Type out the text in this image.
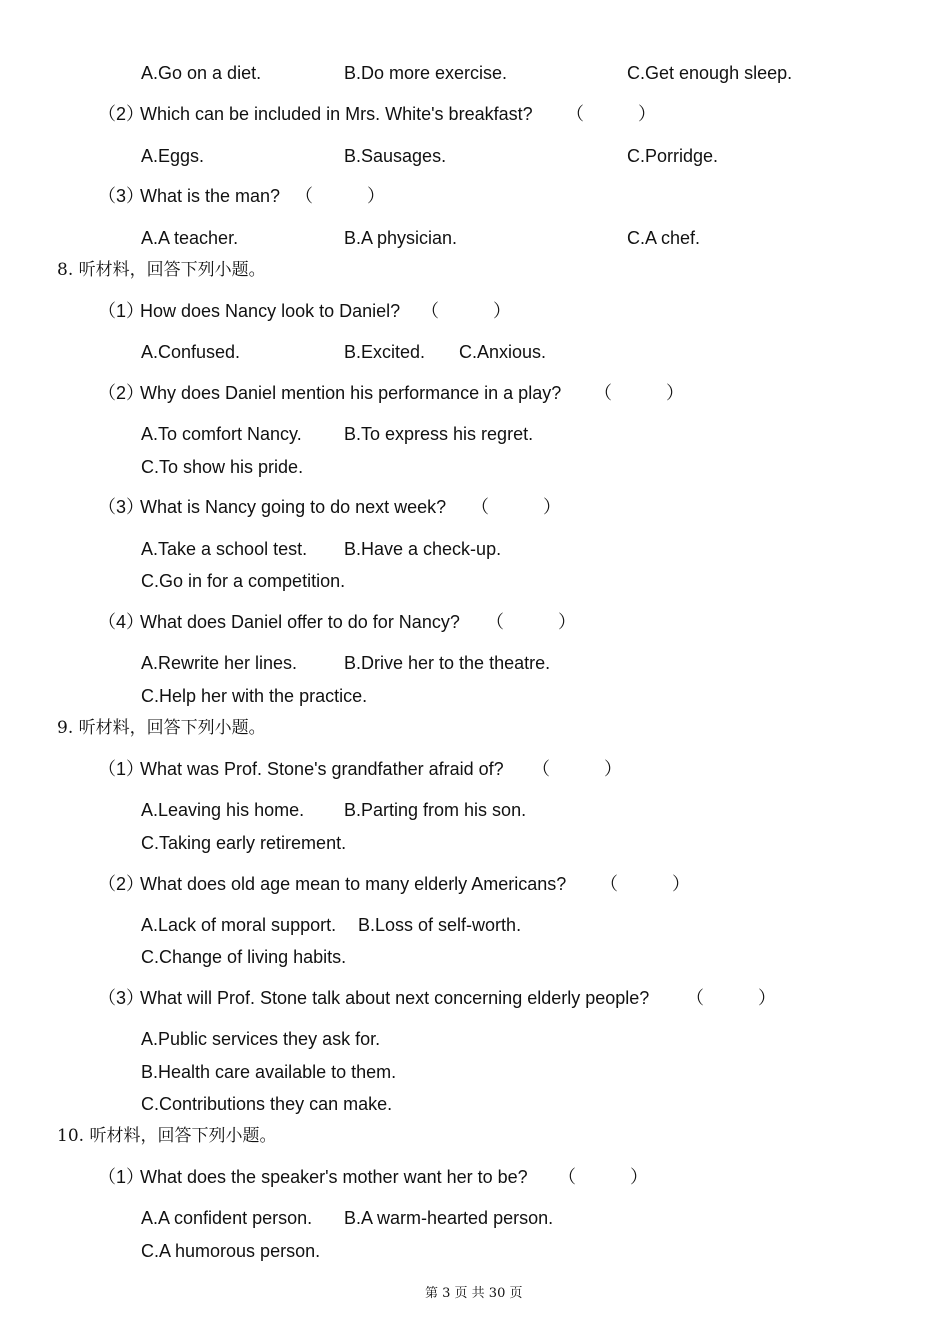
A.Go on a diet.	B.Do more exercise.	C.Get enough sleep.
（2）
Which can be included in Mrs. White's breakfast? （　　　）
A.Eggs.	B.Sausages.	C.Porridge.
（3）
What is the man? （　　　）
A.A teacher.	B.A physician.	C.A chef.
8. 听材料，回答下列小题。
（1）
How does Nancy look to Daniel? （　　　）
A.Confused.	B.Excited. C.Anxious.
（2）
Why does Daniel mention his performance in a play? （　　　）
A.To comfort Nancy. B.To express his regret.
C.To show his pride.
（3）
What is Nancy going to do next week? （　　　）
A.Take a school test. B.Have a check-up.
C.Go in for a competition.
（4）
What does Daniel offer to do for Nancy? （　　　）
A.Rewrite her lines.	B.Drive her to the theatre.
C.Help her with the practice.
9. 听材料，回答下列小题。
（1）
What was Prof. Stone's grandfather afraid of? （　　　）
A.Leaving his home. B.Parting from his son.
C.Taking early retirement.
（2）
What does old age mean to many elderly Americans? （　　　）
A.Lack of moral support. B.Loss of self-worth.
C.Change of living habits.
（3）
What will Prof. Stone talk about next concerning elderly people? （　　　）
A.Public services they ask for.
B.Health care available to them.
C.Contributions they can make.
10. 听材料，回答下列小题。
（1）
What does the speaker's mother want her to be? （　　　）
A.A confident person. B.A warm-hearted person.
C.A humorous person.
第 3 页 共 30 页
